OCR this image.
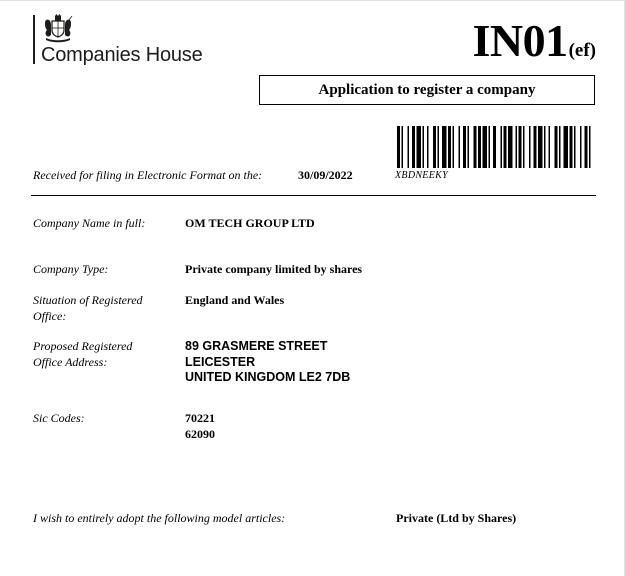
Companies House	IN01(ef)
Application to register a company
XBDNEEKY
Received for filing in Electronic Format on the:	30/09/2022
Company Name in full:	OM TECH GROUP LTD
Company Type:	Private company limited by shares
Situation of Registered Office:
England and Wales
Proposed Registered Office Address:
89 GRASMERE STREET
LEICESTER
UNITED KINGDOM LE2 7DB
Sic Codes:	70221
62090
I wish to entirely adopt the following model articles:	Private (Ltd by Shares)
